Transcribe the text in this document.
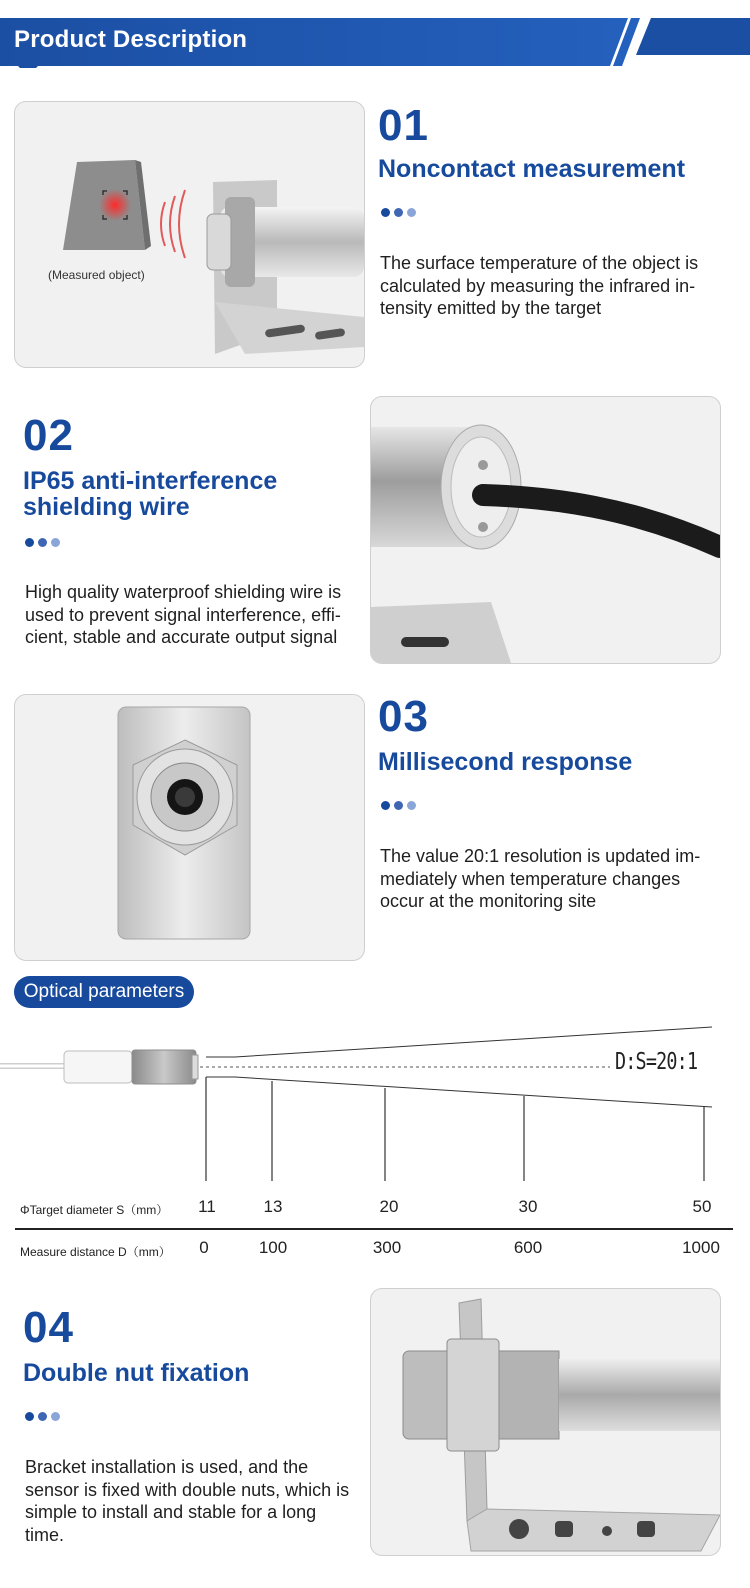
Product Description
(Measured object)
01
Noncontact measurement
The surface temperature of the object is
calculated by measuring the infrared in-
tensity emitted by the target
02
IP65 anti-interference
shielding wire
High quality waterproof shielding wire is
used to prevent signal interference, effi-
cient, stable and accurate output signal
03
Millisecond response
The value 20:1 resolution is updated im-
mediately when temperature changes
occur at the monitoring site
Optical parameters
D:S=20:1
ΦTarget diameter S（mm） 11	13	20	30	50
Measure distance D（mm） 0	100	300	600	1000
04
Double nut fixation
Bracket installation is used, and the
sensor is fixed with double nuts, which is
simple to install and stable for a long
time.
